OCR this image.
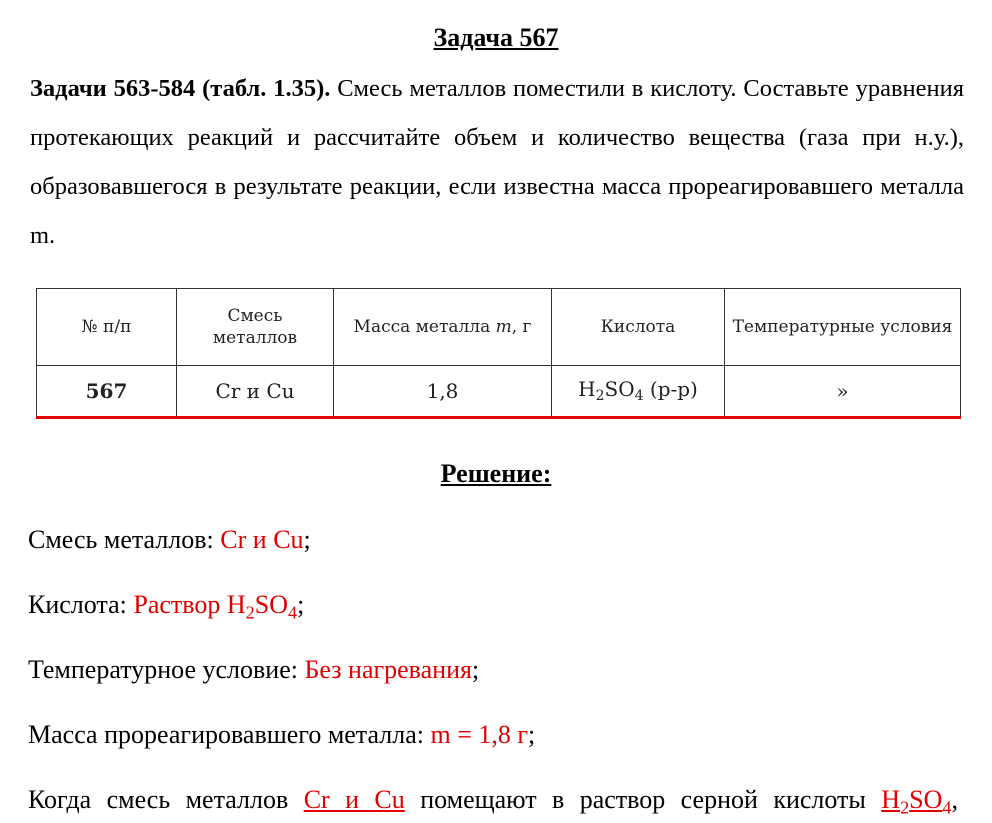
Задача 567
Задачи 563-584 (табл. 1.35). Смесь металлов поместили в кислоту. Составьте уравнения протекающих реакций и рассчитайте объем и количество вещества (газа при н.у.), образовавшегося в результате реакции, если известна масса прореагировавшего металла m.
№ п/п	Смесь металлов	Масса металла m, г	Кислота	Температурные условия
567	Cr и Cu	1,8	$H_2SO_4$ (р-р)	»
Решение:
Смесь металлов: Cr и Cu;
Кислота: Раствор $H_2SO_4$;
Температурное условие: Без нагревания;
Масса прореагировавшего металла: m = 1,8 г;
Когда смесь металлов Cr и Cu помещают в раствор серной кислоты $H_2SO_4$,
